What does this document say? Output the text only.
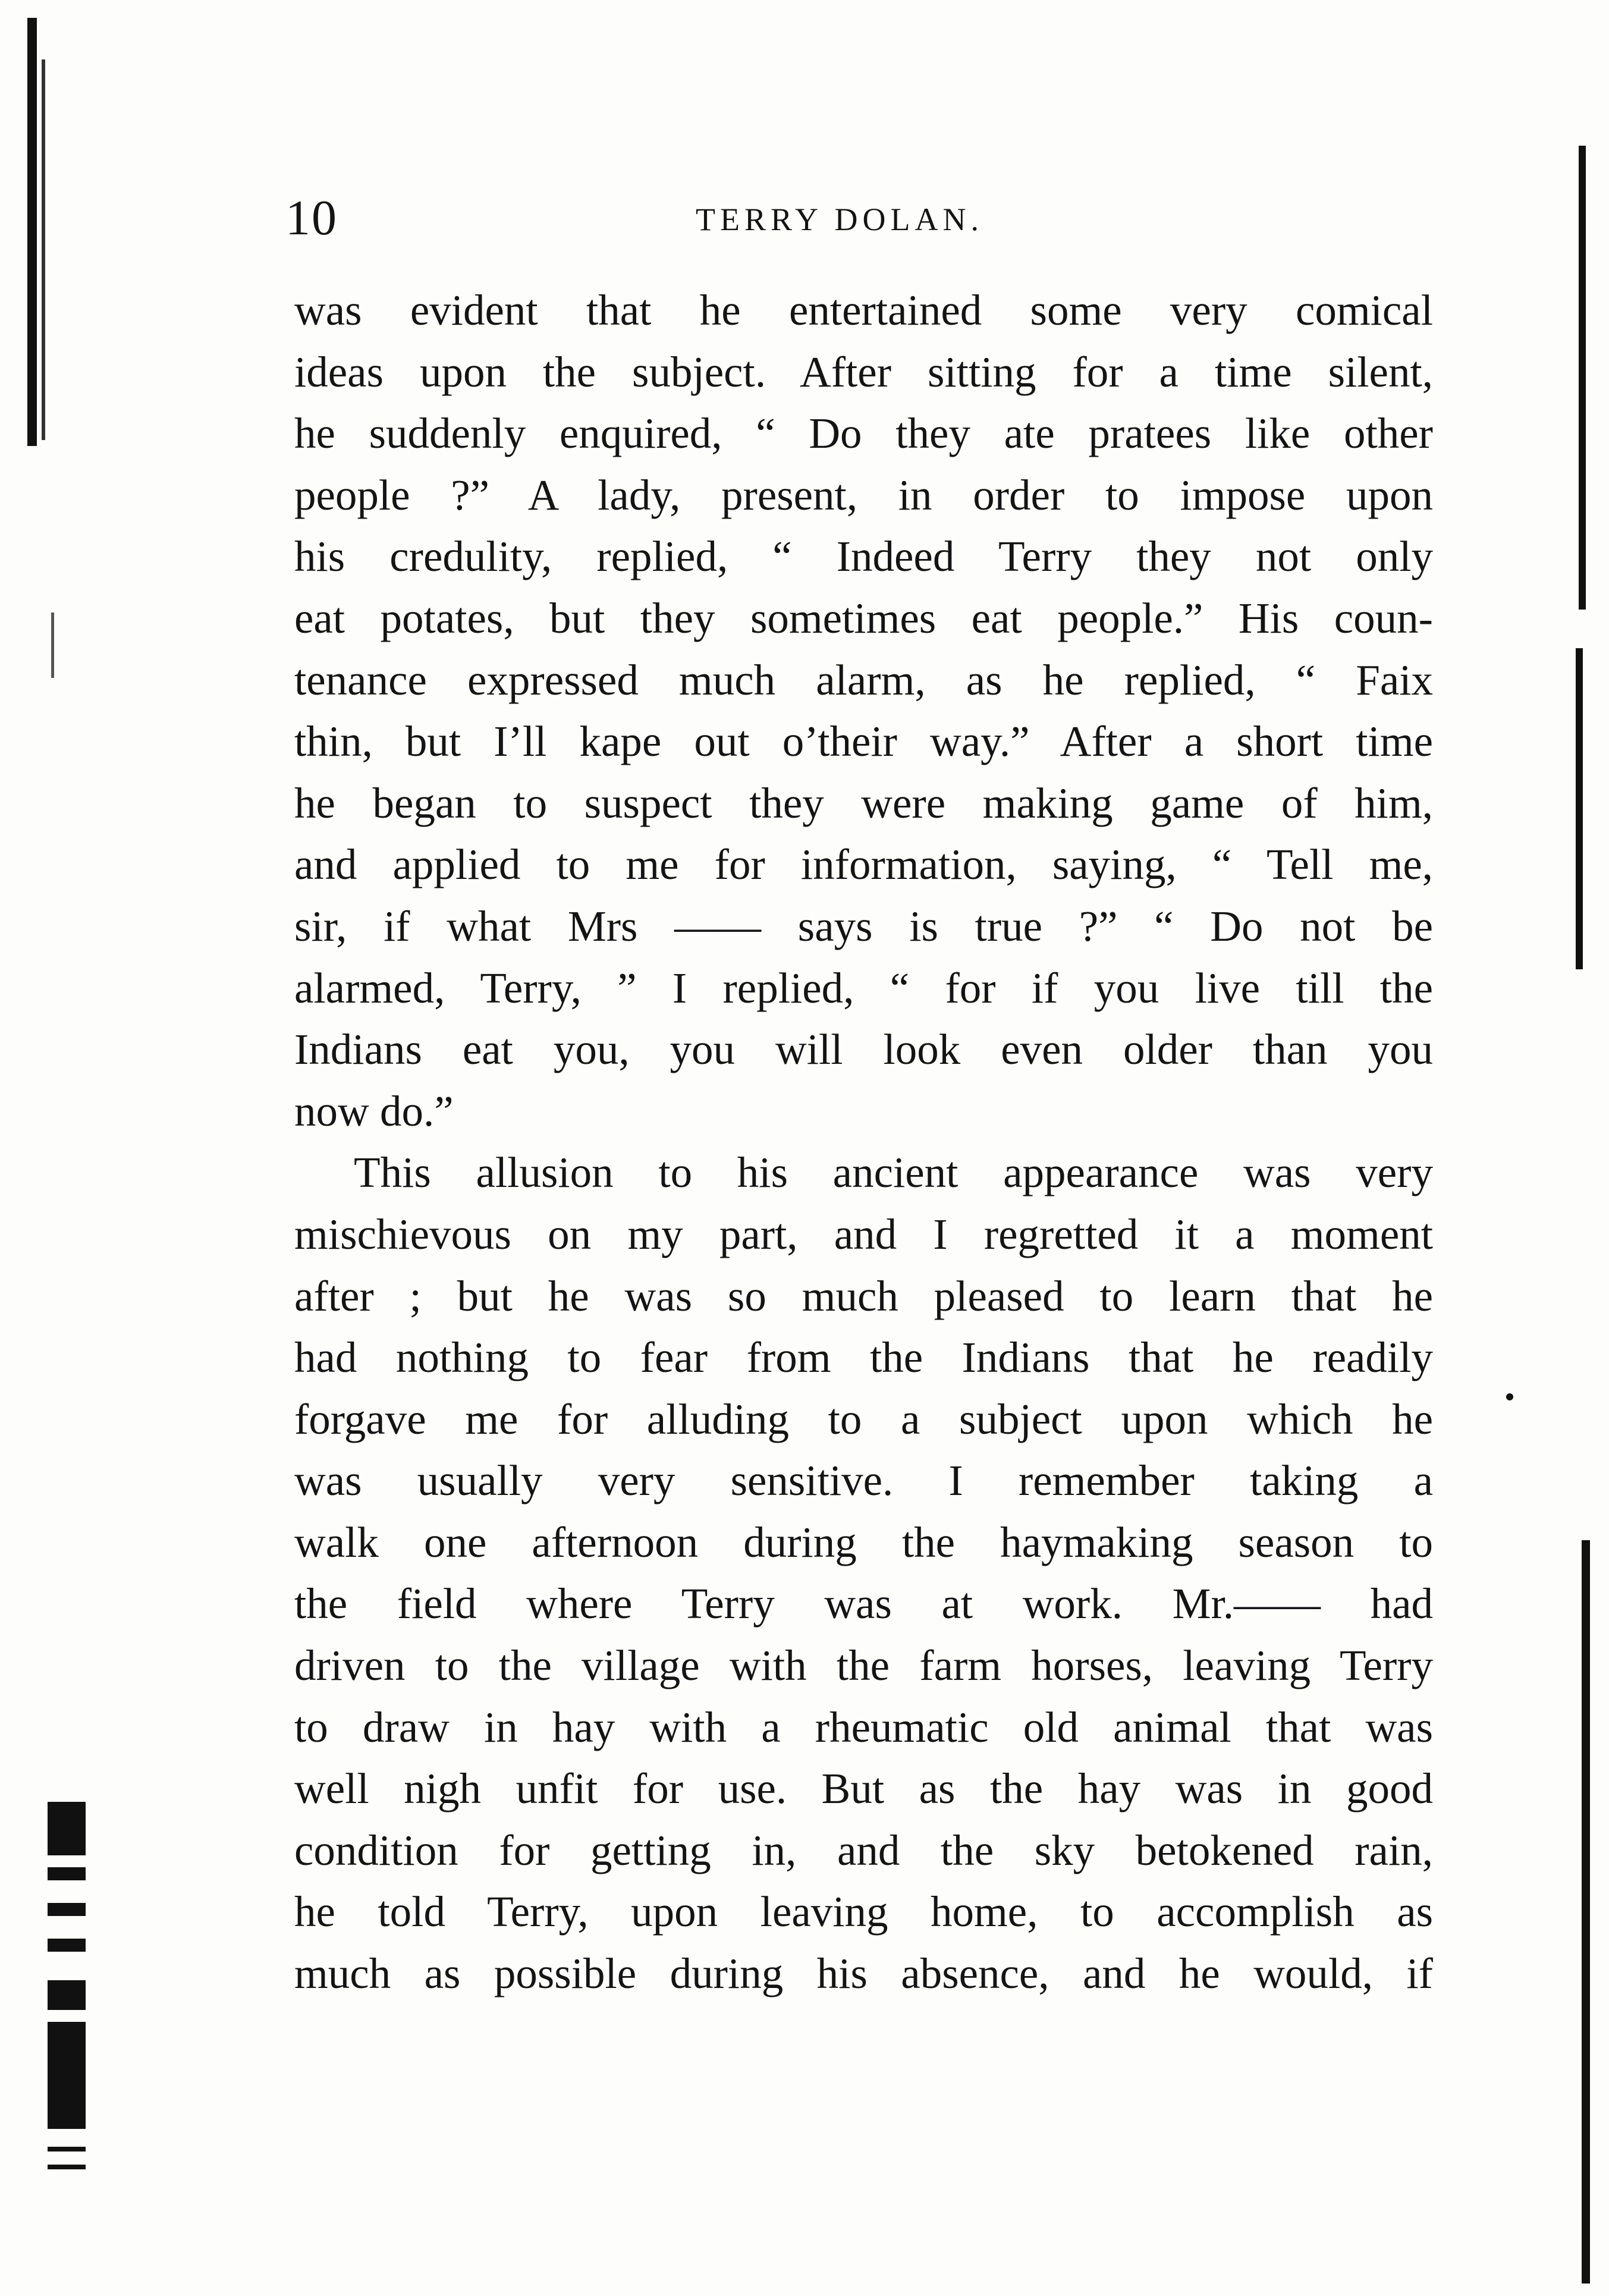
10	TERRY DOLAN.
was evident that he entertained some very comical
ideas upon the subject. After sitting for a time silent,
he suddenly enquired, “ Do they ate pratees like other
people ?” A lady, present, in order to impose upon
his credulity, replied, “ Indeed Terry they not only
eat potates, but they sometimes eat people.” His coun-
tenance expressed much alarm, as he replied, “ Faix
thin, but I’ll kape out o’their way.” After a short time
he began to suspect they were making game of him,
and applied to me for information, saying, “ Tell me,
sir, if what Mrs —— says is true ?” “ Do not be
alarmed, Terry, ” I replied, “ for if you live till the
Indians eat you, you will look even older than you
now do.”
This allusion to his ancient appearance was very
mischievous on my part, and I regretted it a moment
after ; but he was so much pleased to learn that he
had nothing to fear from the Indians that he readily
forgave me for alluding to a subject upon which he
was usually very sensitive. I remember taking a
walk one afternoon during the haymaking season to
the field where Terry was at work. Mr.—— had
driven to the village with the farm horses, leaving Terry
to draw in hay with a rheumatic old animal that was
well nigh unfit for use. But as the hay was in good
condition for getting in, and the sky betokened rain,
he told Terry, upon leaving home, to accomplish as
much as possible during his absence, and he would, if
